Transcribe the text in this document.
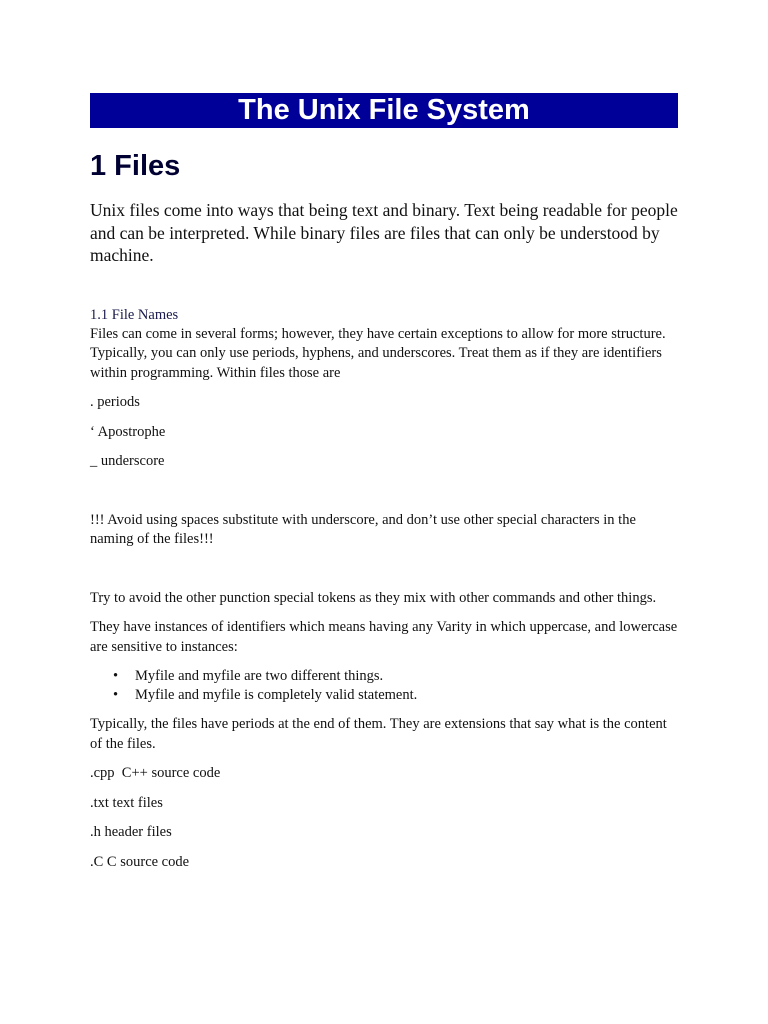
The Unix File System
1 Files

Unix files come into ways that being text and binary. Text being readable for people and can be interpreted. While binary files are files that can only be understood by machine.

1.1 File Names

Files can come in several forms; however, they have certain exceptions to allow for more structure. Typically, you can only use periods, hyphens, and underscores. Treat them as if they are identifiers within programming. Within files those are

. periods

‘ Apostrophe

_ underscore

!!! Avoid using spaces substitute with underscore, and don’t use other special characters in the naming of the files!!!

Try to avoid the other punction special tokens as they mix with other commands and other things.

They have instances of identifiers which means having any Varity in which uppercase, and lowercase are sensitive to instances:

• Myfile and myfile are two different things.
• Myfile and myfile is completely valid statement.

Typically, the files have periods at the end of them. They are extensions that say what is the content of the files.

.cpp  C++ source code

.txt text files

.h header files

.C C source code
